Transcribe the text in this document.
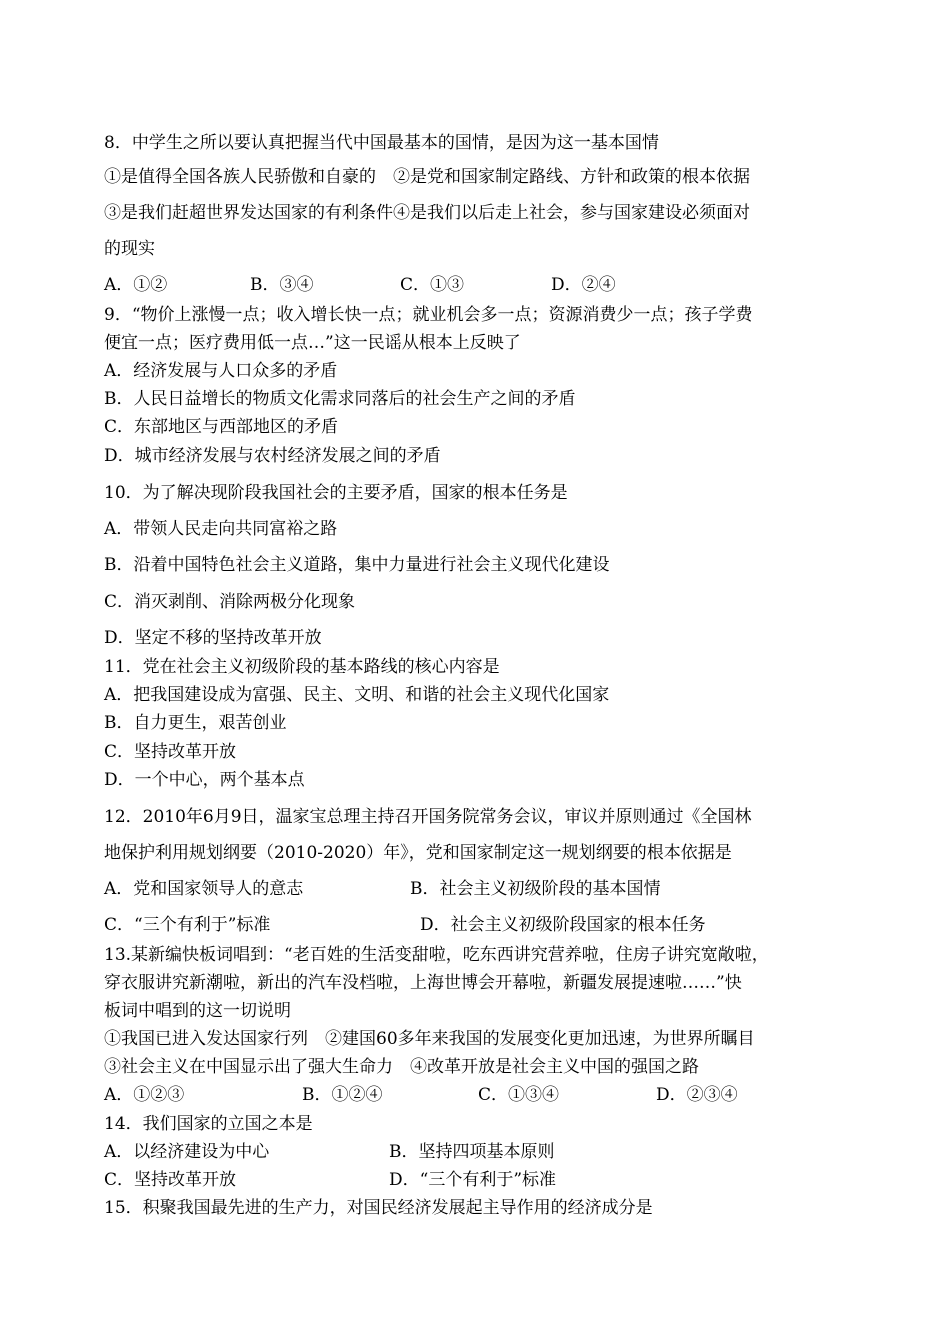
8．中学生之所以要认真把握当代中国最基本的国情，是因为这一基本国情
①是值得全国各族人民骄傲和自豪的　②是党和国家制定路线、方针和政策的根本依据
③是我们赶超世界发达国家的有利条件④是我们以后走上社会，参与国家建设必须面对
的现实
A．①②	B．③④	C．①③	D．②④
9．“物价上涨慢一点；收入增长快一点；就业机会多一点；资源消费少一点；孩子学费
便宜一点；医疗费用低一点…”这一民谣从根本上反映了
A．经济发展与人口众多的矛盾
B．人民日益增长的物质文化需求同落后的社会生产之间的矛盾
C．东部地区与西部地区的矛盾
D．城市经济发展与农村经济发展之间的矛盾
10．为了解决现阶段我国社会的主要矛盾，国家的根本任务是
A．带领人民走向共同富裕之路
B．沿着中国特色社会主义道路，集中力量进行社会主义现代化建设
C．消灭剥削、消除两极分化现象
D．坚定不移的坚持改革开放
11．党在社会主义初级阶段的基本路线的核心内容是
A．把我国建设成为富强、民主、文明、和谐的社会主义现代化国家
B．自力更生，艰苦创业
C．坚持改革开放
D．一个中心，两个基本点
12．2010年6月9日，温家宝总理主持召开国务院常务会议，审议并原则通过《全国林
地保护利用规划纲要（2010-2020）年》，党和国家制定这一规划纲要的根本依据是
A．党和国家领导人的意志	B．社会主义初级阶段的基本国情
C．“三个有利于”标准	D．社会主义初级阶段国家的根本任务
13.某新编快板词唱到：“老百姓的生活变甜啦，吃东西讲究营养啦，住房子讲究宽敞啦，
穿衣服讲究新潮啦，新出的汽车没档啦，上海世博会开幕啦，新疆发展提速啦……”快
板词中唱到的这一切说明
①我国已进入发达国家行列　②建国60多年来我国的发展变化更加迅速，为世界所瞩目
③社会主义在中国显示出了强大生命力　④改革开放是社会主义中国的强国之路
A．①②③	B．①②④	C．①③④	D．②③④
14．我们国家的立国之本是
A．以经济建设为中心	B．坚持四项基本原则
C．坚持改革开放	D．“三个有利于”标准
15．积聚我国最先进的生产力，对国民经济发展起主导作用的经济成分是
